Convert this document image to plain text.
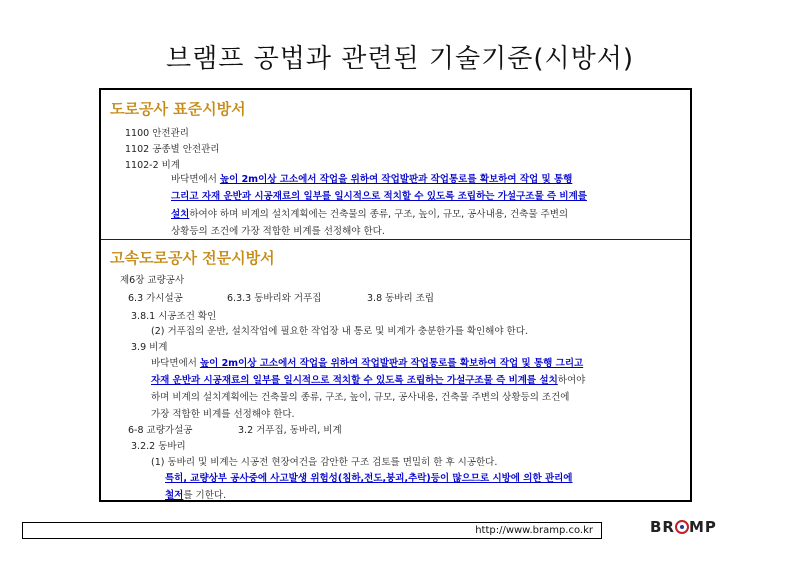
브램프 공법과 관련된 기술기준(시방서)
도로공사 표준시방서
1100 안전관리
1102 공종별 안전관리
1102-2 비계
바닥면에서 높이 2m이상 고소에서 작업을 위하여 작업발판과 작업통로를 확보하여 작업 및 통행
그리고 자재 운반과 시공재료의 일부를 일시적으로 적치할 수 있도록 조립하는 가설구조물 즉 비계를
설치하여야 하며 비계의 설치계획에는 건축물의 종류, 구조, 높이, 규모, 공사내용, 건축물 주변의
상황등의 조건에 가장 적합한 비계를 선정해야 한다.
고속도로공사 전문시방서
제6장 교량공사
6.3 가시설공	6.3.3 동바리와 거푸집	3.8 동바리 조립
3.8.1 시공조건 확인
(2) 거푸집의 운반, 설치작업에 필요한 작업장 내 통로 및 비계가 충분한가를 확인해야 한다.
3.9 비계
바닥면에서 높이 2m이상 고소에서 작업을 위하여 작업발판과 작업통로를 확보하여 작업 및 통행 그리고
자재 운반과 시공재료의 일부를 일시적으로 적치할 수 있도록 조립하는 가설구조물 즉 비계를 설치하여야
하며 비계의 설치계획에는 건축물의 종류, 구조, 높이, 규모, 공사내용, 건축물 주변의 상황등의 조건에
가장 적합한 비계를 선정해야 한다.
6-8 교량가설공	3.2 거푸집, 동바리, 비계
3.2.2 동바리
(1) 동바리 및 비계는 시공전 현장여건을 감안한 구조 검토를 면밀히 한 후 시공한다.
특히, 교량상부 공사중에 사고발생 위험성(침하,전도,붕괴,추락)등이 많으므로 시방에 의한 관리에
철저를 기한다.
http://www.bramp.co.kr	BR MP
